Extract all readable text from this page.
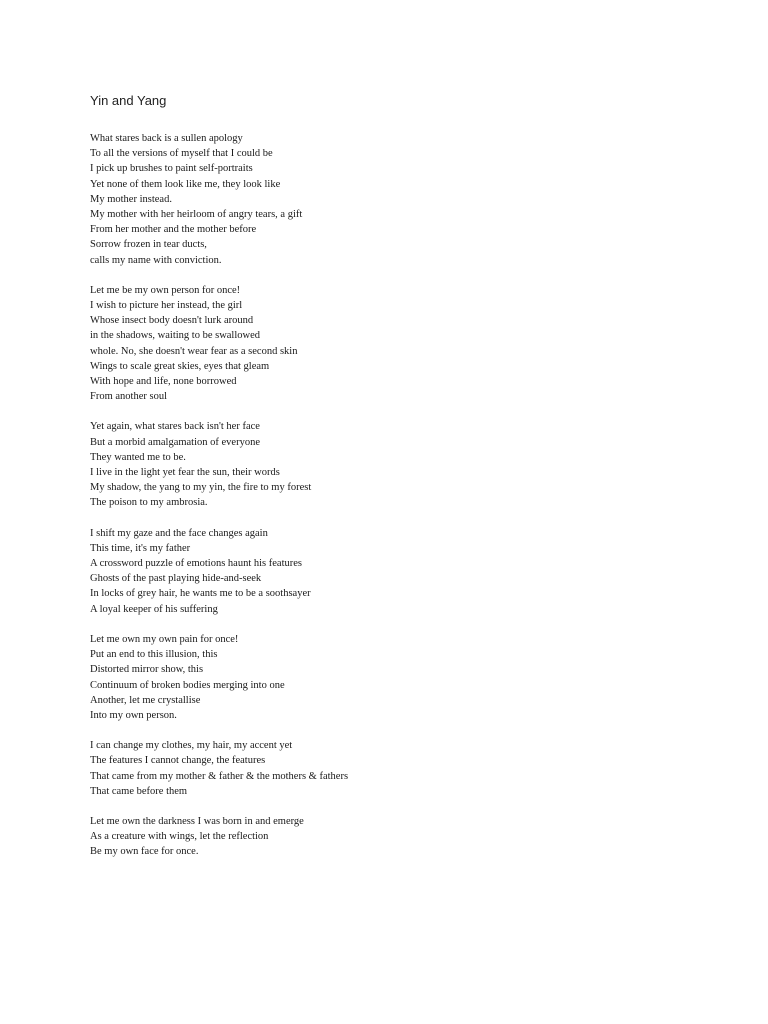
Yin and Yang
What stares back is a sullen apology
To all the versions of myself that I could be
I pick up brushes to paint self-portraits
Yet none of them look like me, they look like
My mother instead.
My mother with her heirloom of angry tears, a gift
From her mother and the mother before
Sorrow frozen in tear ducts,
calls my name with conviction.
Let me be my own person for once!
I wish to picture her instead, the girl
Whose insect body doesn't lurk around
in the shadows, waiting to be swallowed
whole. No, she doesn't wear fear as a second skin
Wings to scale great skies, eyes that gleam
With hope and life, none borrowed
From another soul
Yet again, what stares back isn't her face
But a morbid amalgamation of everyone
They wanted me to be.
I live in the light yet fear the sun, their words
My shadow, the yang to my yin, the fire to my forest
The poison to my ambrosia.
I shift my gaze and the face changes again
This time, it's my father
A crossword puzzle of emotions haunt his features
Ghosts of the past playing hide-and-seek
In locks of grey hair, he wants me to be a soothsayer
A loyal keeper of his suffering
Let me own my own pain for once!
Put an end to this illusion, this
Distorted mirror show, this
Continuum of broken bodies merging into one
Another, let me crystallise
Into my own person.
I can change my clothes, my hair, my accent yet
The features I cannot change, the features
That came from my mother & father & the mothers & fathers
That came before them
Let me own the darkness I was born in and emerge
As a creature with wings, let the reflection
Be my own face for once.
